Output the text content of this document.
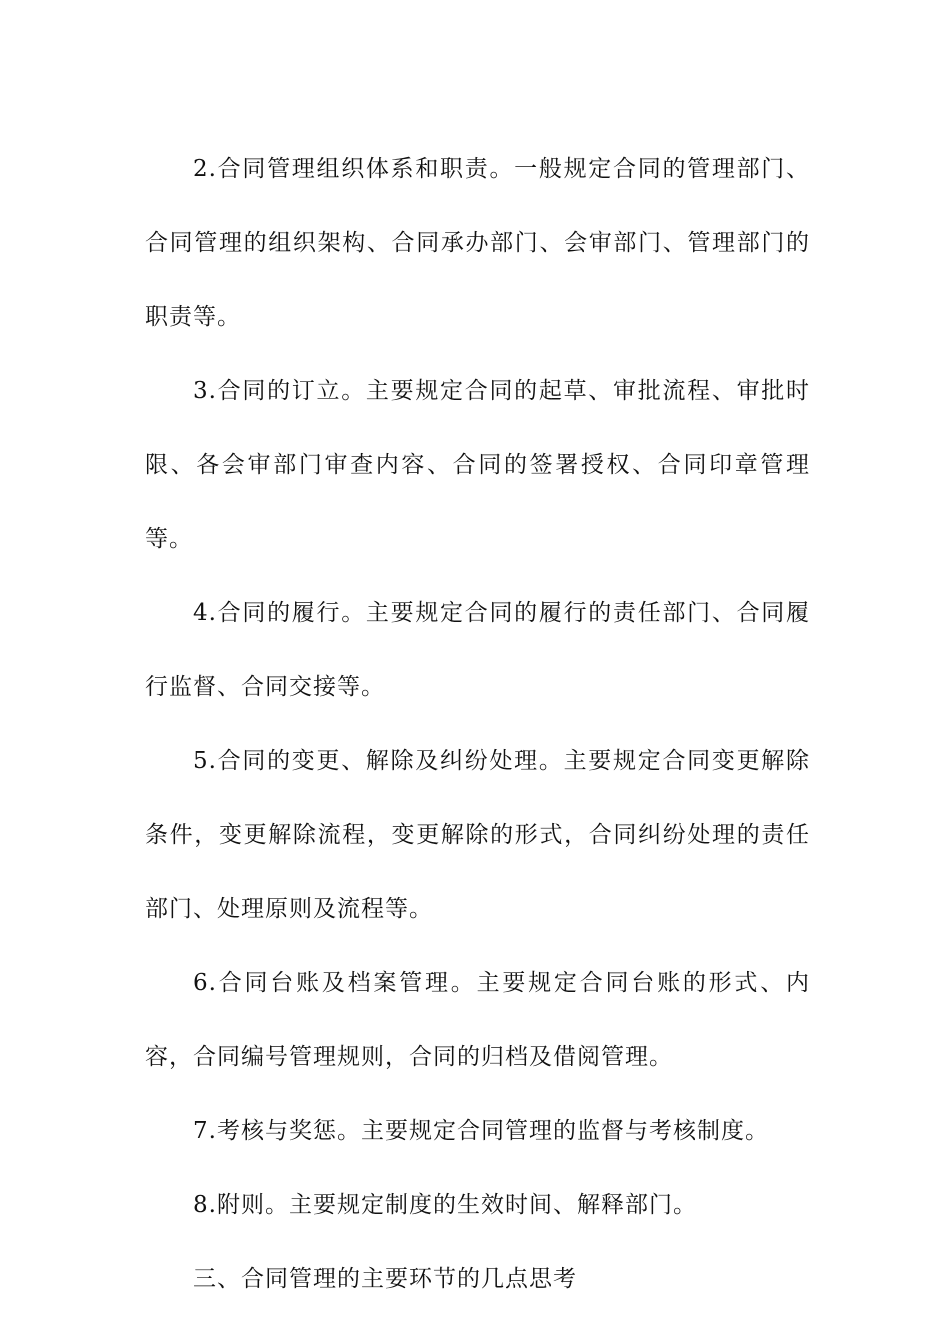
2.合同管理组织体系和职责。一般规定合同的管理部门、合同管理的组织架构、合同承办部门、会审部门、管理部门的职责等。

3.合同的订立。主要规定合同的起草、审批流程、审批时限、各会审部门审查内容、合同的签署授权、合同印章管理等。

4.合同的履行。主要规定合同的履行的责任部门、合同履行监督、合同交接等。

5.合同的变更、解除及纠纷处理。主要规定合同变更解除条件，变更解除流程，变更解除的形式，合同纠纷处理的责任部门、处理原则及流程等。

6.合同台账及档案管理。主要规定合同台账的形式、内容，合同编号管理规则，合同的归档及借阅管理。

7.考核与奖惩。主要规定合同管理的监督与考核制度。

8.附则。主要规定制度的生效时间、解释部门。

三、合同管理的主要环节的几点思考
